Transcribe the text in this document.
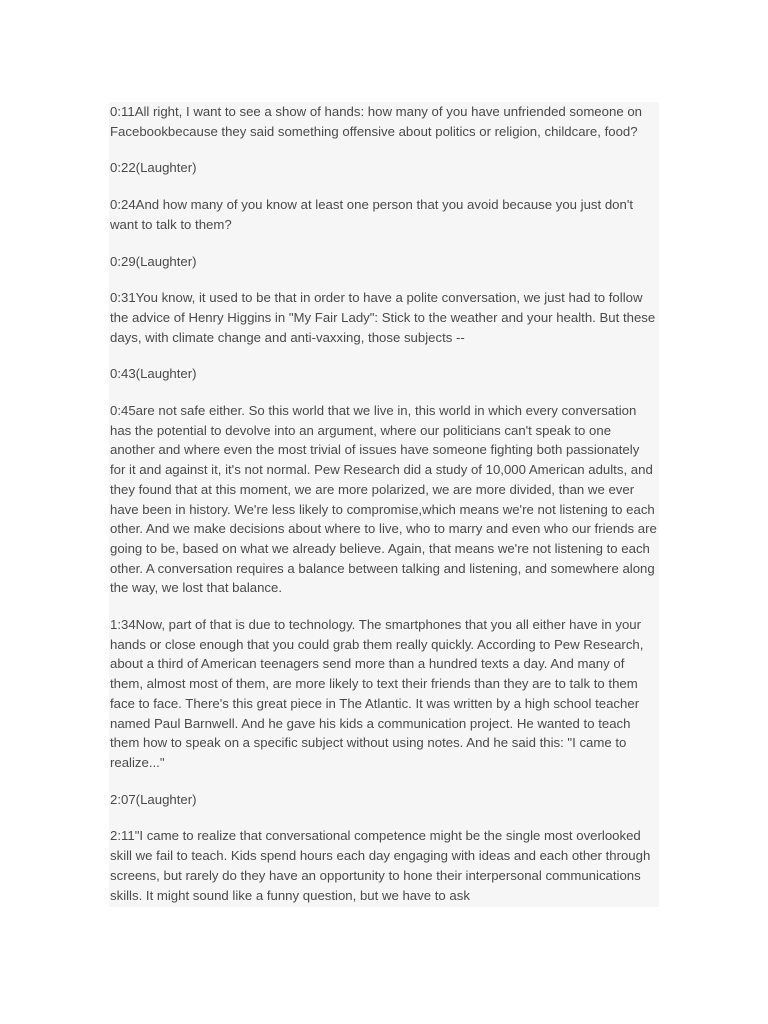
0:11All right, I want to see a show of hands: how many of you have unfriended someone on Facebookbecause they said something offensive about politics or religion, childcare, food?

0:22(Laughter)

0:24And how many of you know at least one person that you avoid because you just don't want to talk to them?

0:29(Laughter)

0:31You know, it used to be that in order to have a polite conversation, we just had to follow the advice of Henry Higgins in "My Fair Lady": Stick to the weather and your health. But these days, with climate change and anti-vaxxing, those subjects --

0:43(Laughter)

0:45are not safe either. So this world that we live in, this world in which every conversation has the potential to devolve into an argument, where our politicians can't speak to one another and where even the most trivial of issues have someone fighting both passionately for it and against it, it's not normal. Pew Research did a study of 10,000 American adults, and they found that at this moment, we are more polarized, we are more divided, than we ever have been in history. We're less likely to compromise,which means we're not listening to each other. And we make decisions about where to live, who to marry and even who our friends are going to be, based on what we already believe. Again, that means we're not listening to each other. A conversation requires a balance between talking and listening, and somewhere along the way, we lost that balance.

1:34Now, part of that is due to technology. The smartphones that you all either have in your hands or close enough that you could grab them really quickly. According to Pew Research, about a third of American teenagers send more than a hundred texts a day. And many of them, almost most of them, are more likely to text their friends than they are to talk to them face to face. There's this great piece in The Atlantic. It was written by a high school teacher named Paul Barnwell. And he gave his kids a communication project. He wanted to teach them how to speak on a specific subject without using notes. And he said this: "I came to realize..."

2:07(Laughter)

2:11"I came to realize that conversational competence might be the single most overlooked skill we fail to teach. Kids spend hours each day engaging with ideas and each other through screens, but rarely do they have an opportunity to hone their interpersonal communications skills. It might sound like a funny question, but we have to ask
